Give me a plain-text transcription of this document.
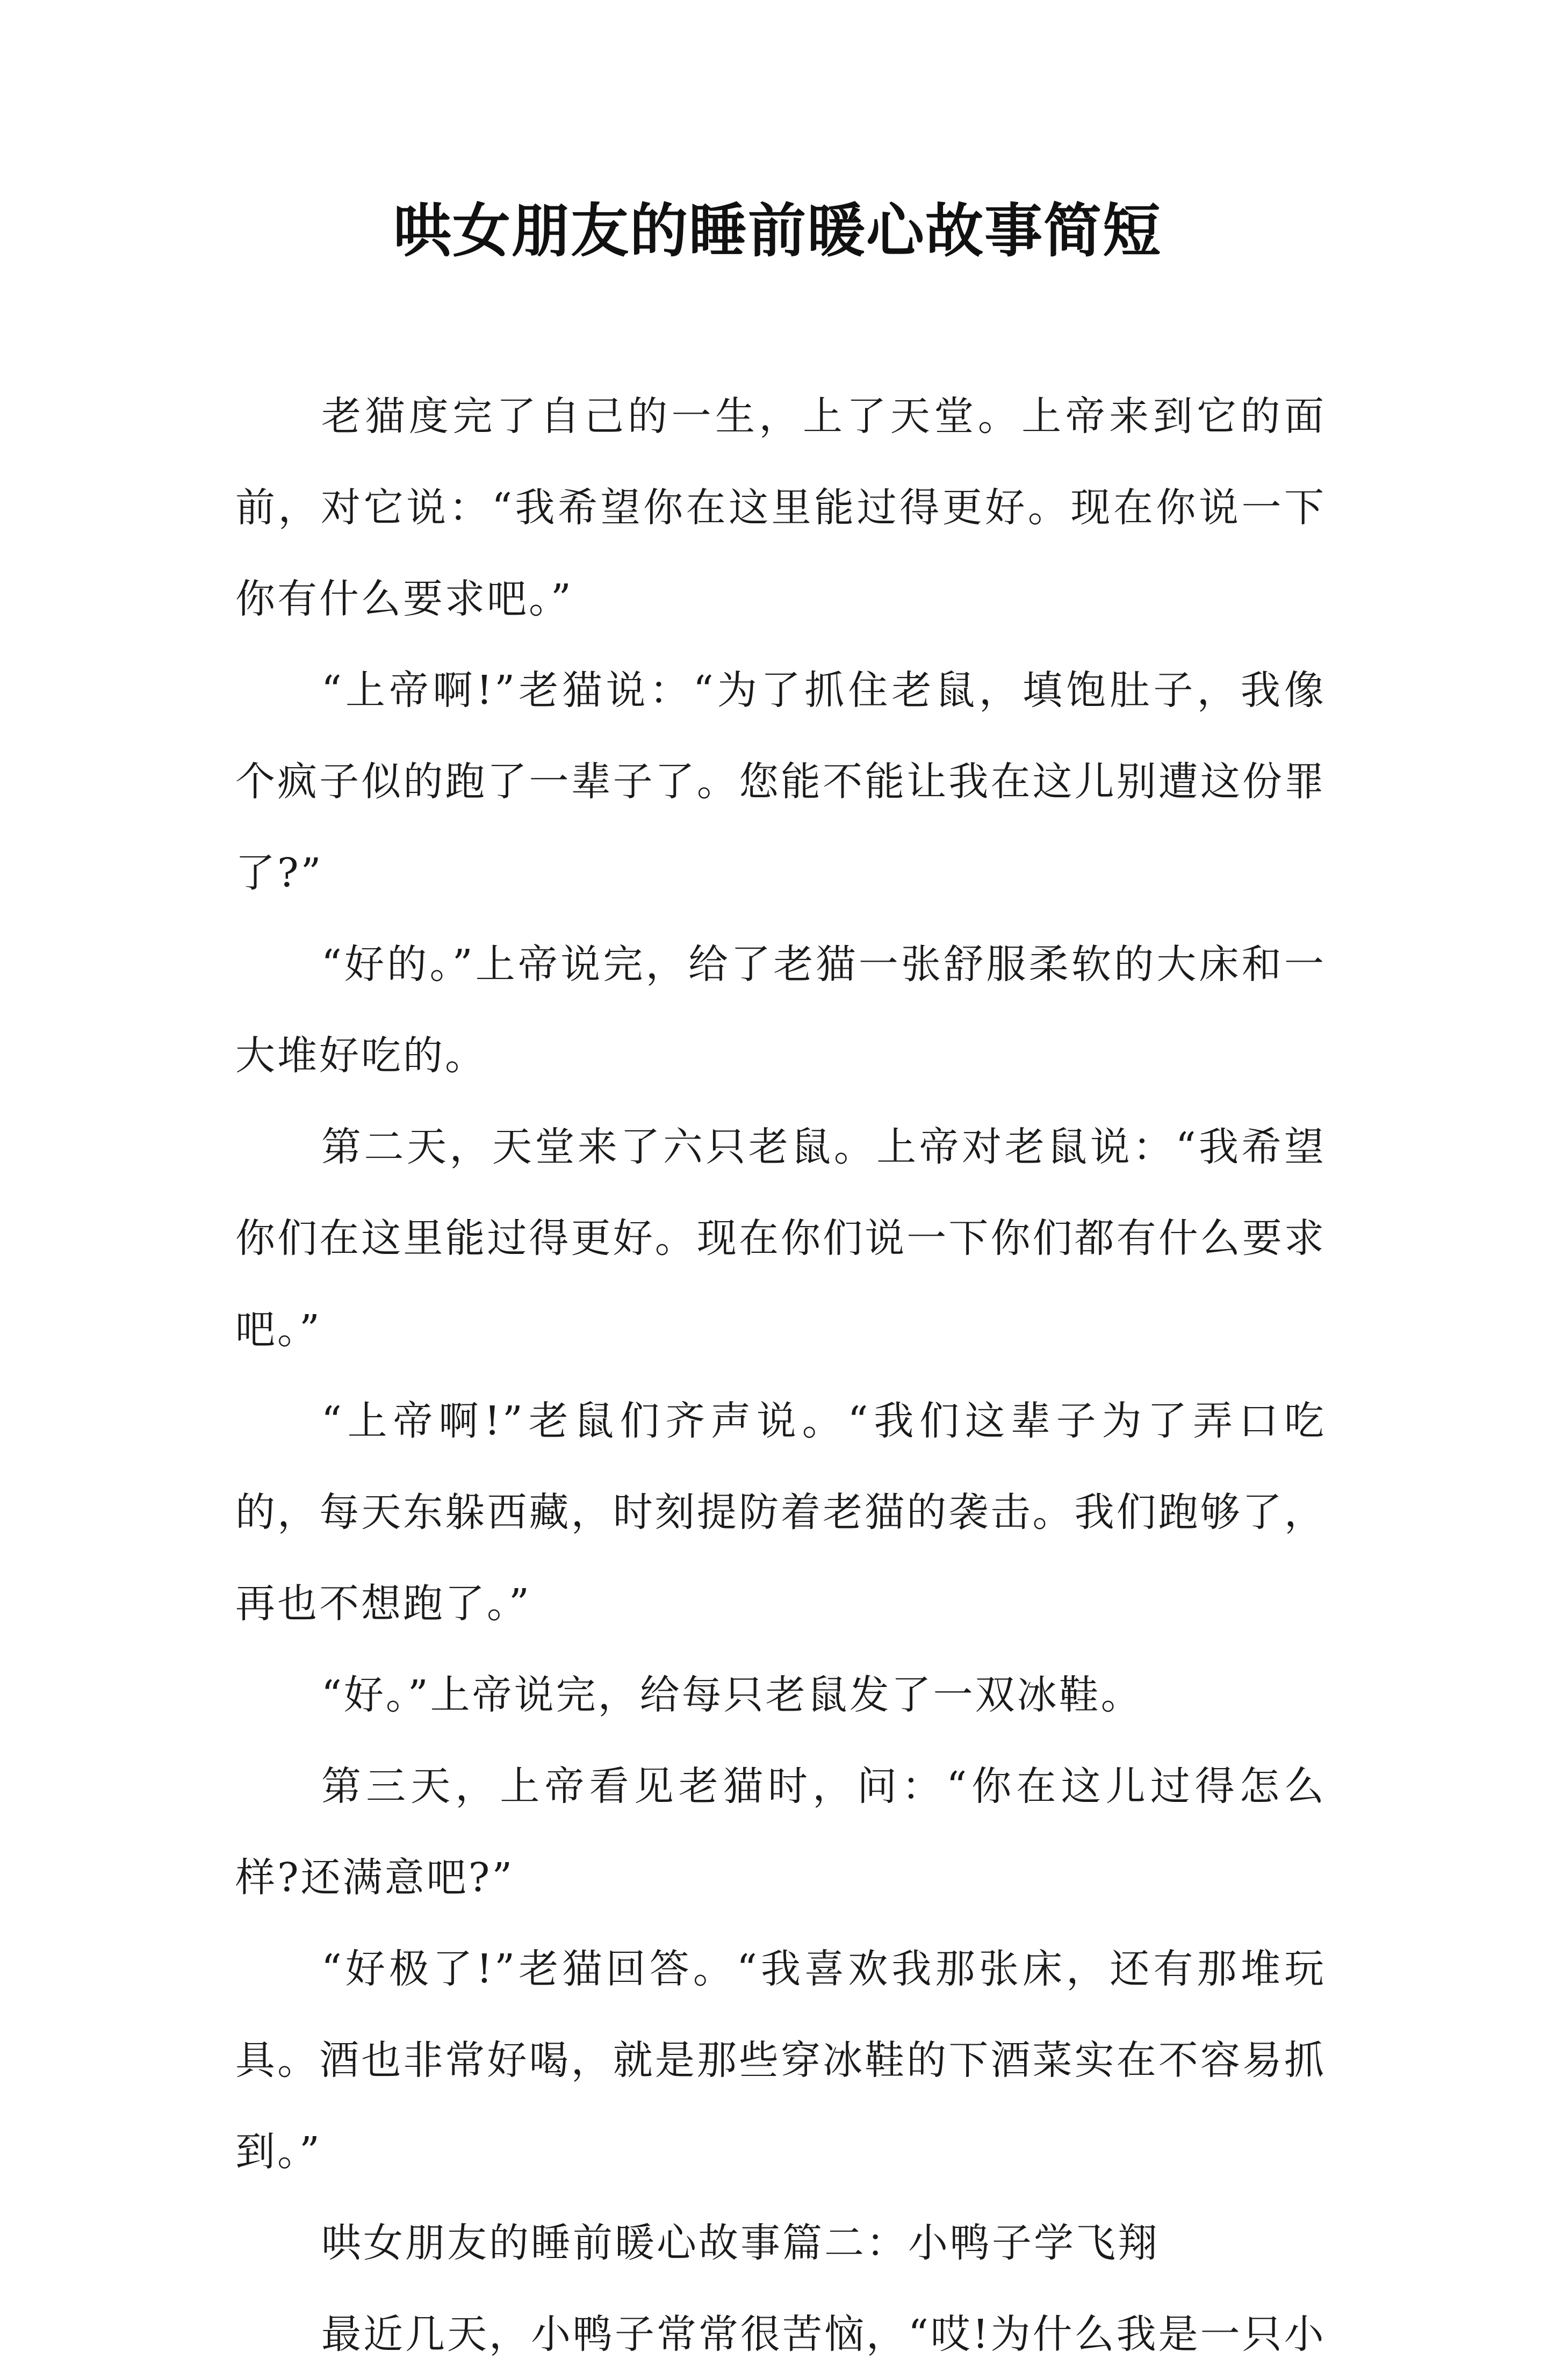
哄女朋友的睡前暖心故事简短

老猫度完了自己的一生，上了天堂。上帝来到它的面前，对它说：“我希望你在这里能过得更好。现在你说一下你有什么要求吧。”

“上帝啊!”老猫说：“为了抓住老鼠，填饱肚子，我像个疯子似的跑了一辈子了。您能不能让我在这儿别遭这份罪了?”

“好的。”上帝说完，给了老猫一张舒服柔软的大床和一大堆好吃的。

第二天，天堂来了六只老鼠。上帝对老鼠说：“我希望你们在这里能过得更好。现在你们说一下你们都有什么要求吧。”

“上帝啊!”老鼠们齐声说。“我们这辈子为了弄口吃的，每天东躲西藏，时刻提防着老猫的袭击。我们跑够了，再也不想跑了。”

“好。”上帝说完，给每只老鼠发了一双冰鞋。

第三天，上帝看见老猫时，问：“你在这儿过得怎么样?还满意吧?”

“好极了!”老猫回答。“我喜欢我那张床，还有那堆玩具。酒也非常好喝，就是那些穿冰鞋的下酒菜实在不容易抓到。”

哄女朋友的睡前暖心故事篇二：小鸭子学飞翔

最近几天，小鸭子常常很苦恼，“哎!为什么我是一只小
